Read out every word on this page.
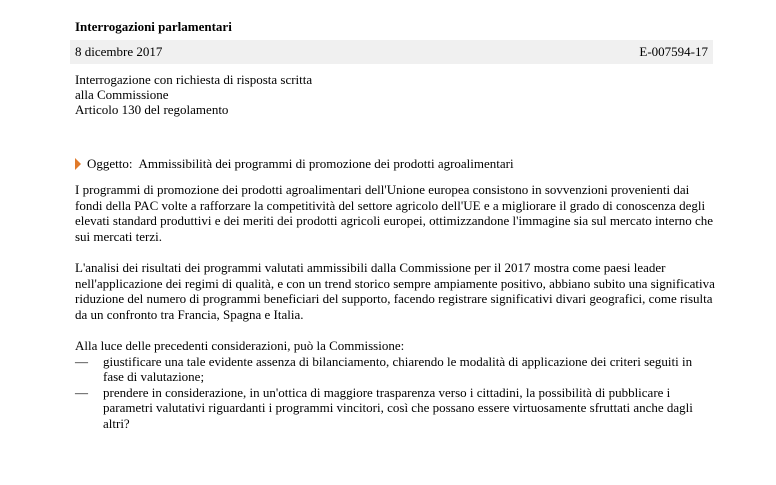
Interrogazioni parlamentari
8 dicembre 2017	E-007594-17
Interrogazione con richiesta di risposta scritta
alla Commissione
Articolo 130 del regolamento
Oggetto: Ammissibilità dei programmi di promozione dei prodotti agroalimentari

I programmi di promozione dei prodotti agroalimentari dell'Unione europea consistono in sovvenzioni provenienti dai fondi della PAC volte a rafforzare la competitività del settore agricolo dell'UE e a migliorare il grado di conoscenza degli elevati standard produttivi e dei meriti dei prodotti agricoli europei, ottimizzandone l'immagine sia sul mercato interno che sui mercati terzi.

L'analisi dei risultati dei programmi valutati ammissibili dalla Commissione per il 2017 mostra come paesi leader nell'applicazione dei regimi di qualità, e con un trend storico sempre ampiamente positivo, abbiano subito una significativa riduzione del numero di programmi beneficiari del supporto, facendo registrare significativi divari geografici, come risulta da un confronto tra Francia, Spagna e Italia.

Alla luce delle precedenti considerazioni, può la Commissione:
—	giustificare una tale evidente assenza di bilanciamento, chiarendo le modalità di applicazione dei criteri seguiti in fase di valutazione;
—	prendere in considerazione, in un'ottica di maggiore trasparenza verso i cittadini, la possibilità di pubblicare i parametri valutativi riguardanti i programmi vincitori, così che possano essere virtuosamente sfruttati anche dagli altri?
